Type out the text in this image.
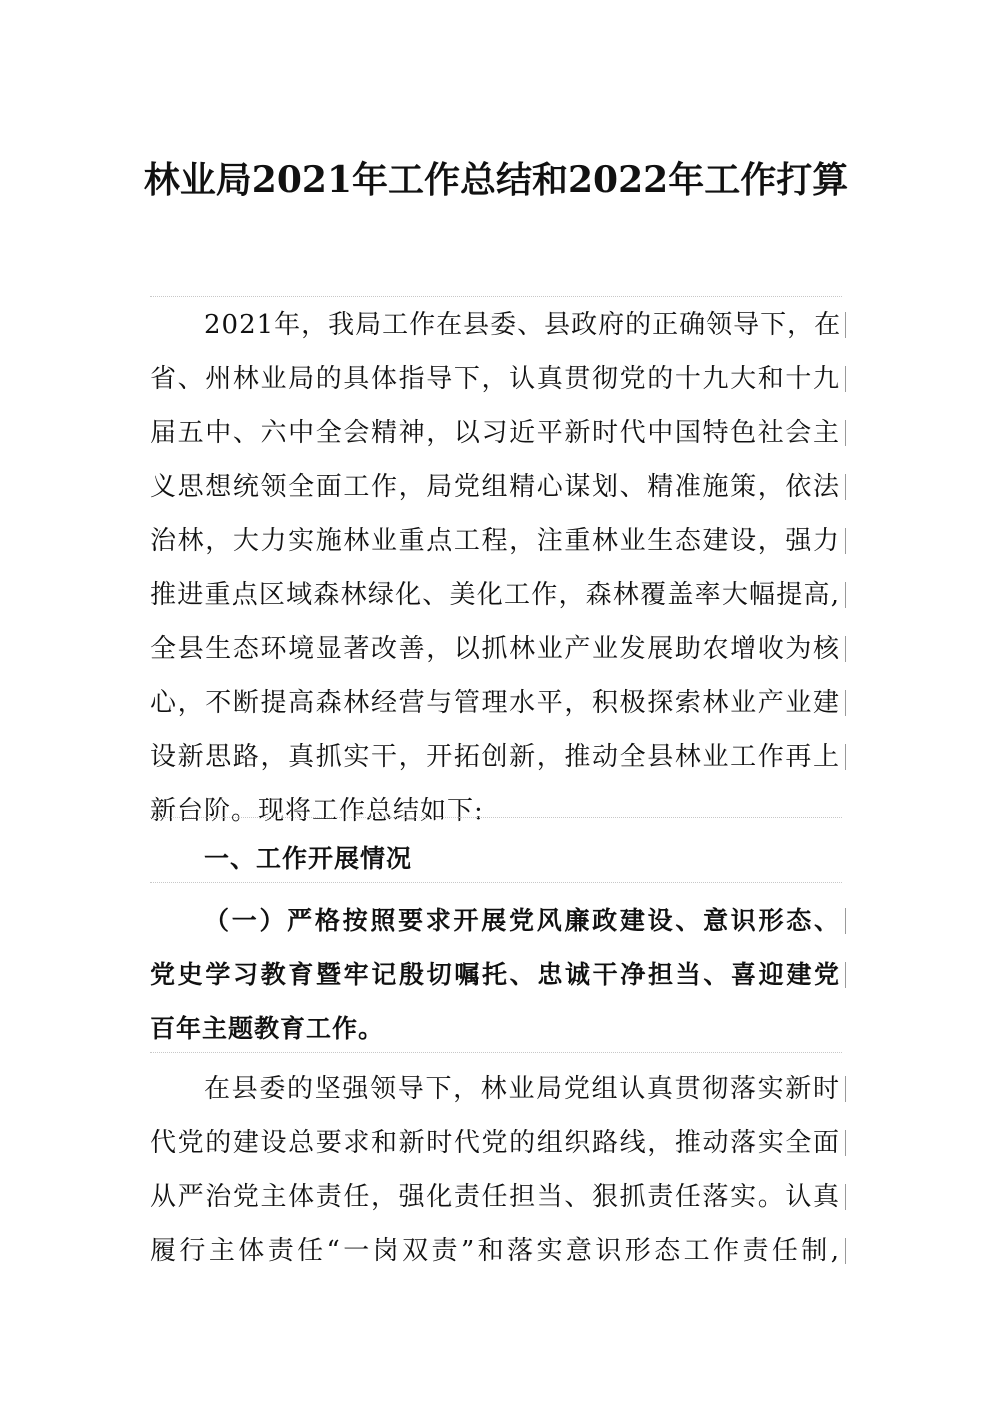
林业局2021年工作总结和2022年工作打算
2021年，我局工作在县委、县政府的正确领导下，在
省、州林业局的具体指导下，认真贯彻党的十九大和十九
届五中、六中全会精神，以习近平新时代中国特色社会主
义思想统领全面工作，局党组精心谋划、精准施策，依法
治林，大力实施林业重点工程，注重林业生态建设，强力
推进重点区域森林绿化、美化工作，森林覆盖率大幅提高,
全县生态环境显著改善，以抓林业产业发展助农增收为核
心，不断提高森林经营与管理水平，积极探索林业产业建
设新思路，真抓实干，开拓创新，推动全县林业工作再上
新台阶。现将工作总结如下:
一、工作开展情况
（一）严格按照要求开展党风廉政建设、意识形态、
党史学习教育暨牢记殷切嘱托、忠诚干净担当、喜迎建党
百年主题教育工作。
在县委的坚强领导下，林业局党组认真贯彻落实新时
代党的建设总要求和新时代党的组织路线，推动落实全面
从严治党主体责任，强化责任担当、狠抓责任落实。认真
履行主体责任“一岗双责”和落实意识形态工作责任制,
